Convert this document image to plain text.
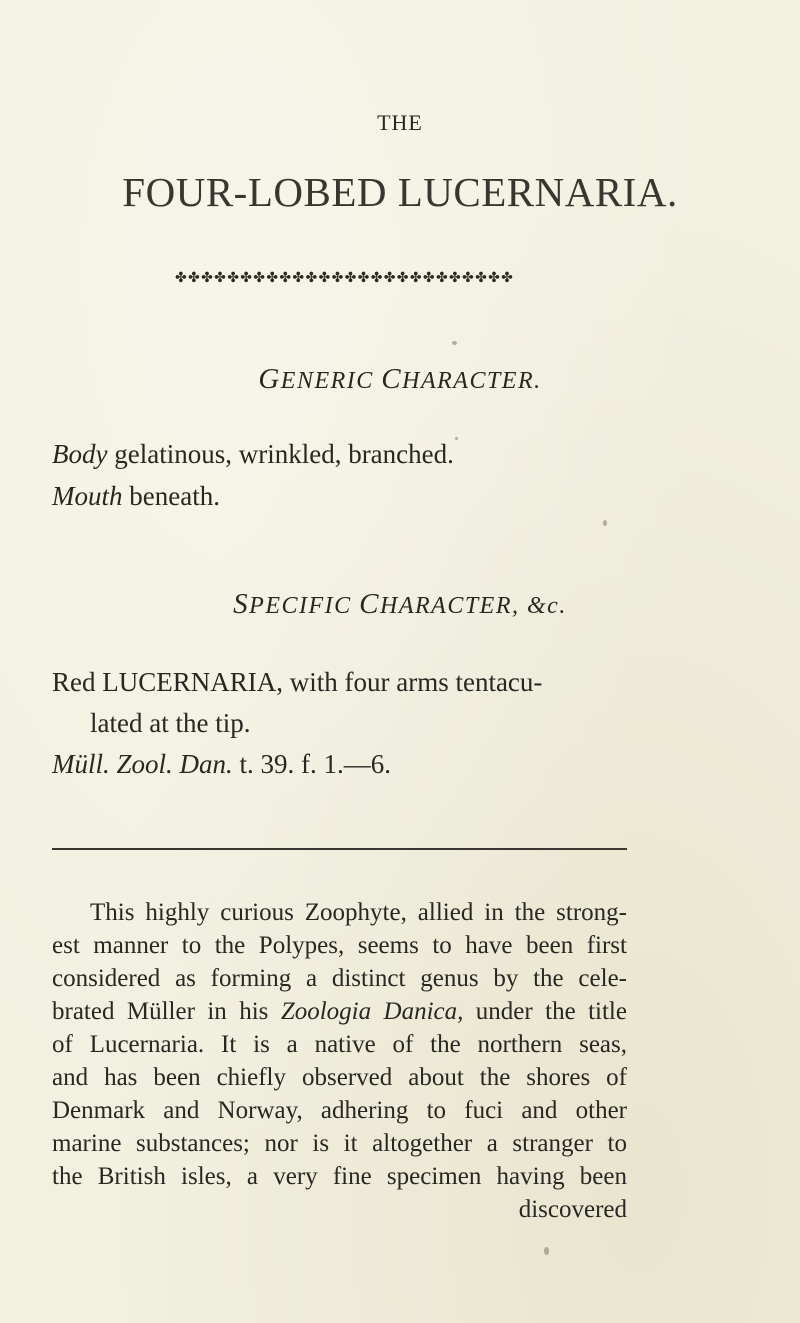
THE
FOUR-LOBED LUCERNARIA.
✤ ✤ ✤ ✤ ✤ ✤ ✤ ✤ ✤ ✤ ✤ ✤ ✤ ✤ ✤ ✤ ✤ ✤ ✤ ✤ ✤ ✤ ✤ ✤ ✤ ✤
GENERIC CHARACTER.
Body gelatinous, wrinkled, branched.
Mouth beneath.
SPECIFIC CHARACTER, &c.
Red LUCERNARIA, with four arms tentacu-
lated at the tip.
Müll. Zool. Dan. t. 39. f. 1.—6.
This highly curious Zoophyte, allied in the strong-
est manner to the Polypes, seems to have been first
considered as forming a distinct genus by the cele-
brated Müller in his Zoologia Danica, under the title
of Lucernaria. It is a native of the northern seas,
and has been chiefly observed about the shores of
Denmark and Norway, adhering to fuci and other
marine substances; nor is it altogether a stranger to
the British isles, a very fine specimen having been
discovered
